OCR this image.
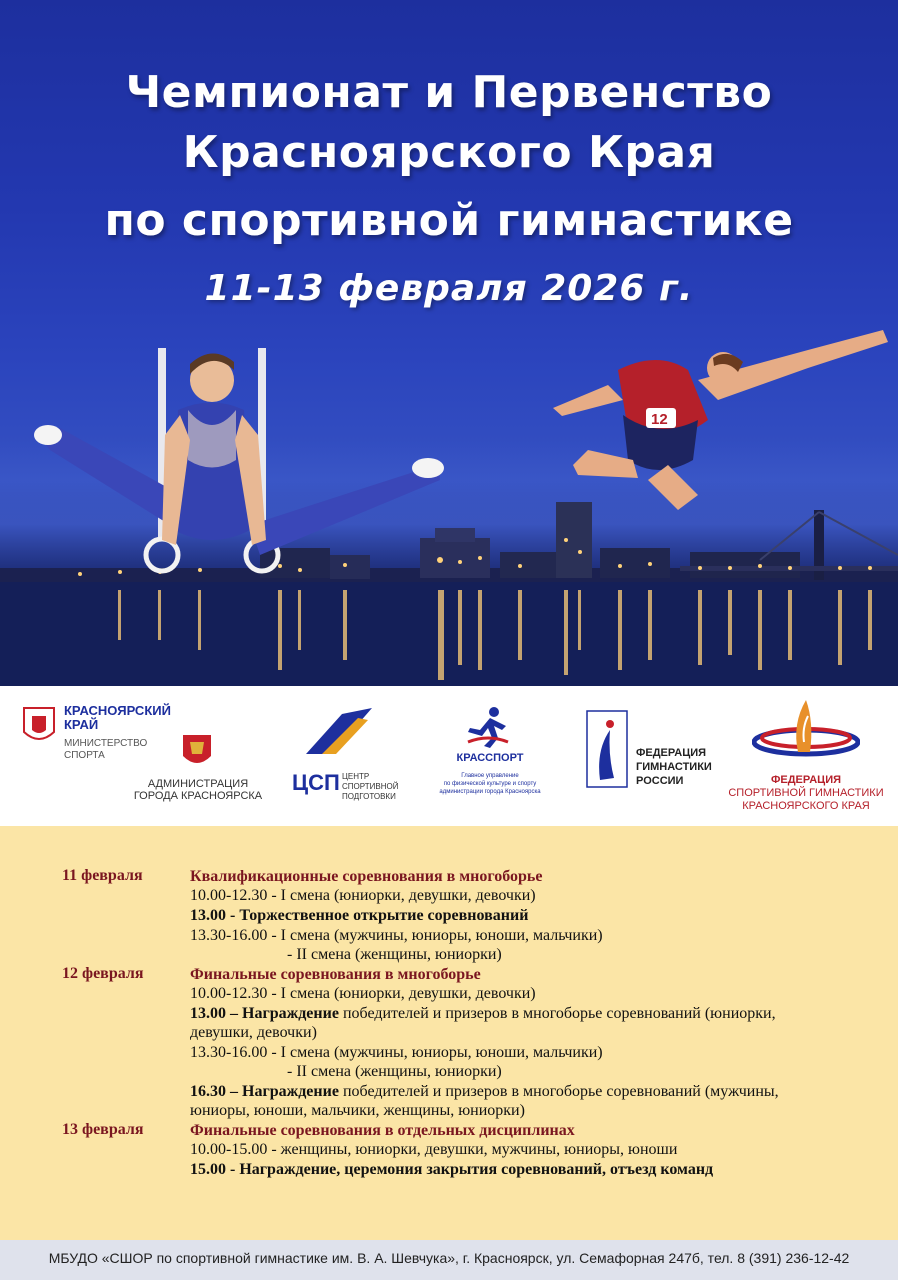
Чемпионат и Первенство
Красноярского Края
по спортивной гимнастике
11-13 февраля 2026 г.
12
КРАСНОЯРСКИЙ
КРАЙ
МИНИСТЕРСТВО
СПОРТА
АДМИНИСТРАЦИЯ
ГОРОДА КРАСНОЯРСКА
ЦСП ЦЕНТР
СПОРТИВНОЙ
ПОДГОТОВКИ
КРАССПОРТ
Главное управление
по физической культуре и спорту
администрации города Красноярска
ФЕДЕРАЦИЯ
ГИМНАСТИКИ
РОССИИ	ФЕДЕРАЦИЯ
СПОРТИВНОЙ ГИМНАСТИКИ
КРАСНОЯРСКОГО КРАЯ
11 февраля	Квалификационные соревнования в многоборье
10.00-12.30 - I смена (юниорки, девушки, девочки)
13.00 - Торжественное открытие соревнований
13.30-16.00 - I смена (мужчины, юниоры, юноши, мальчики)
- II смена (женщины, юниорки)
12 февраля	Финальные соревнования в многоборье
10.00-12.30 - I смена (юниорки, девушки, девочки)
13.00 – Награждение победителей и призеров в многоборье соревнований (юниорки,
девушки, девочки)
13.30-16.00 - I смена (мужчины, юниоры, юноши, мальчики)
- II смена (женщины, юниорки)
16.30 – Награждение победителей и призеров в многоборье соревнований (мужчины,
юниоры, юноши, мальчики, женщины, юниорки)
13 февраля	Финальные соревнования в отдельных дисциплинах
10.00-15.00 - женщины, юниорки, девушки, мужчины, юниоры, юноши
15.00 - Награждение, церемония закрытия соревнований, отъезд команд
МБУДО «СШОР по спортивной гимнастике им. В. А. Шевчука», г. Красноярск, ул. Семафорная 247б, тел. 8 (391) 236-12-42
